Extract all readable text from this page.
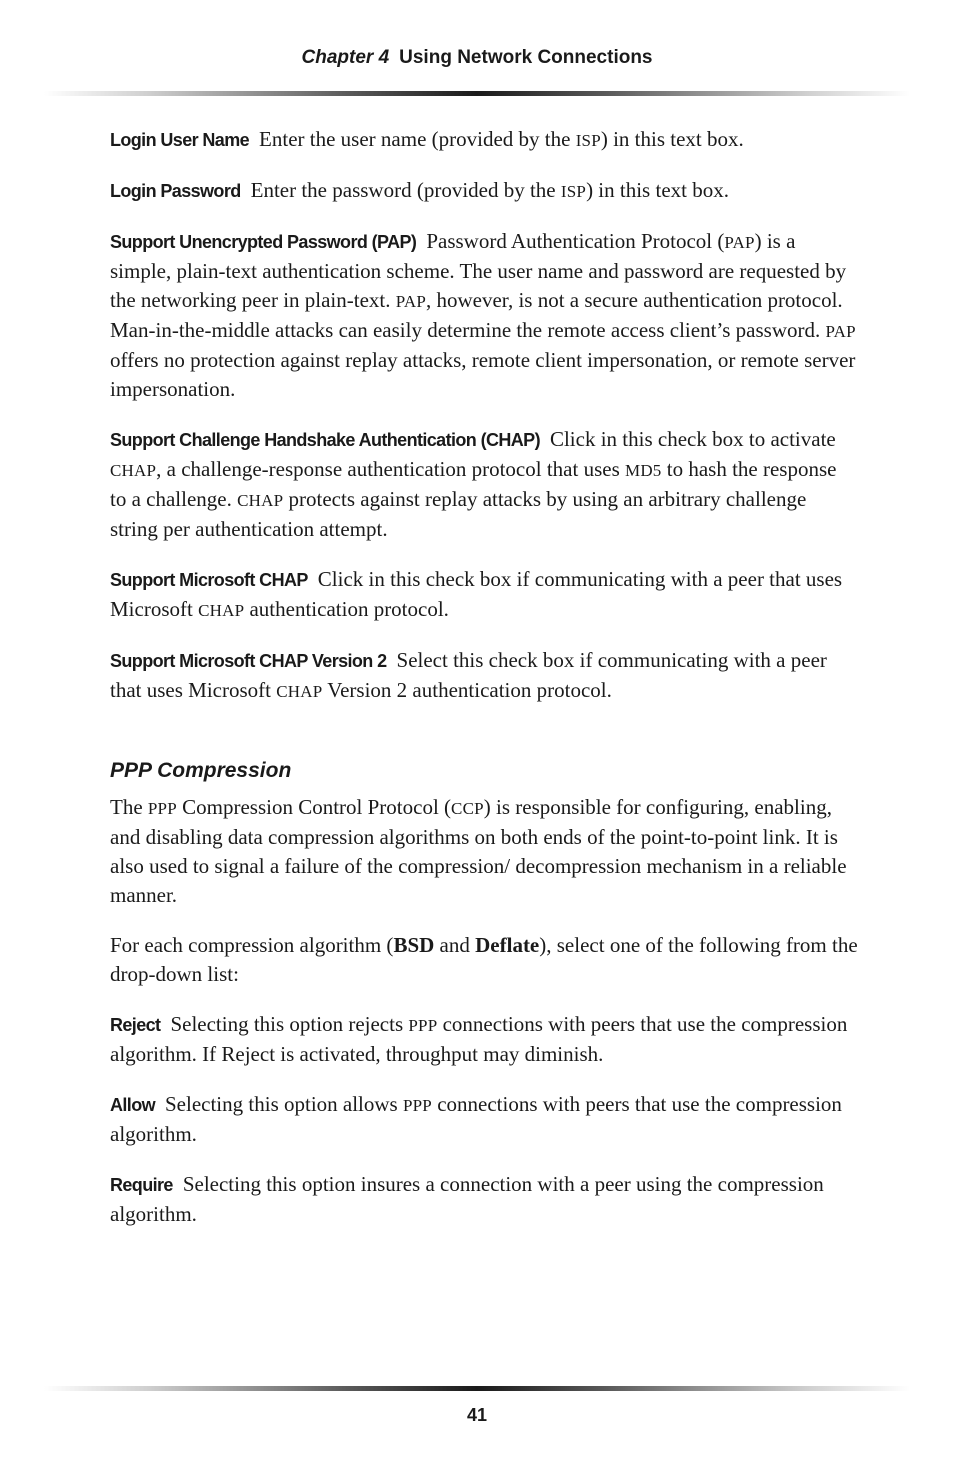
Chapter 4 Using Network Connections

Login User Name Enter the user name (provided by the ISP) in this text box.

Login Password Enter the password (provided by the ISP) in this text box.

Support Unencrypted Password (PAP) Password Authentication Protocol (PAP) is a simple, plain-text authentication scheme. The user name and password are requested by the networking peer in plain-text. PAP, however, is not a secure authentication protocol. Man-in-the-middle attacks can easily determine the remote access client’s password. PAP offers no protection against replay attacks, remote client impersonation, or remote server impersonation.

Support Challenge Handshake Authentication (CHAP) Click in this check box to activate CHAP, a challenge-response authentication protocol that uses MD5 to hash the response to a challenge. CHAP protects against replay attacks by using an arbitrary challenge string per authentication attempt.

Support Microsoft CHAP Click in this check box if communicating with a peer that uses Microsoft CHAP authentication protocol.

Support Microsoft CHAP Version 2 Select this check box if communicating with a peer that uses Microsoft CHAP Version 2 authentication protocol.

PPP Compression

The PPP Compression Control Protocol (CCP) is responsible for configuring, enabling, and disabling data compression algorithms on both ends of the point-to-point link. It is also used to signal a failure of the compression/ decompression mechanism in a reliable manner.

For each compression algorithm (BSD and Deflate), select one of the following from the drop-down list:

Reject Selecting this option rejects PPP connections with peers that use the compression algorithm. If Reject is activated, throughput may diminish.

Allow Selecting this option allows PPP connections with peers that use the compression algorithm.

Require Selecting this option insures a connection with a peer using the compression algorithm.

41
